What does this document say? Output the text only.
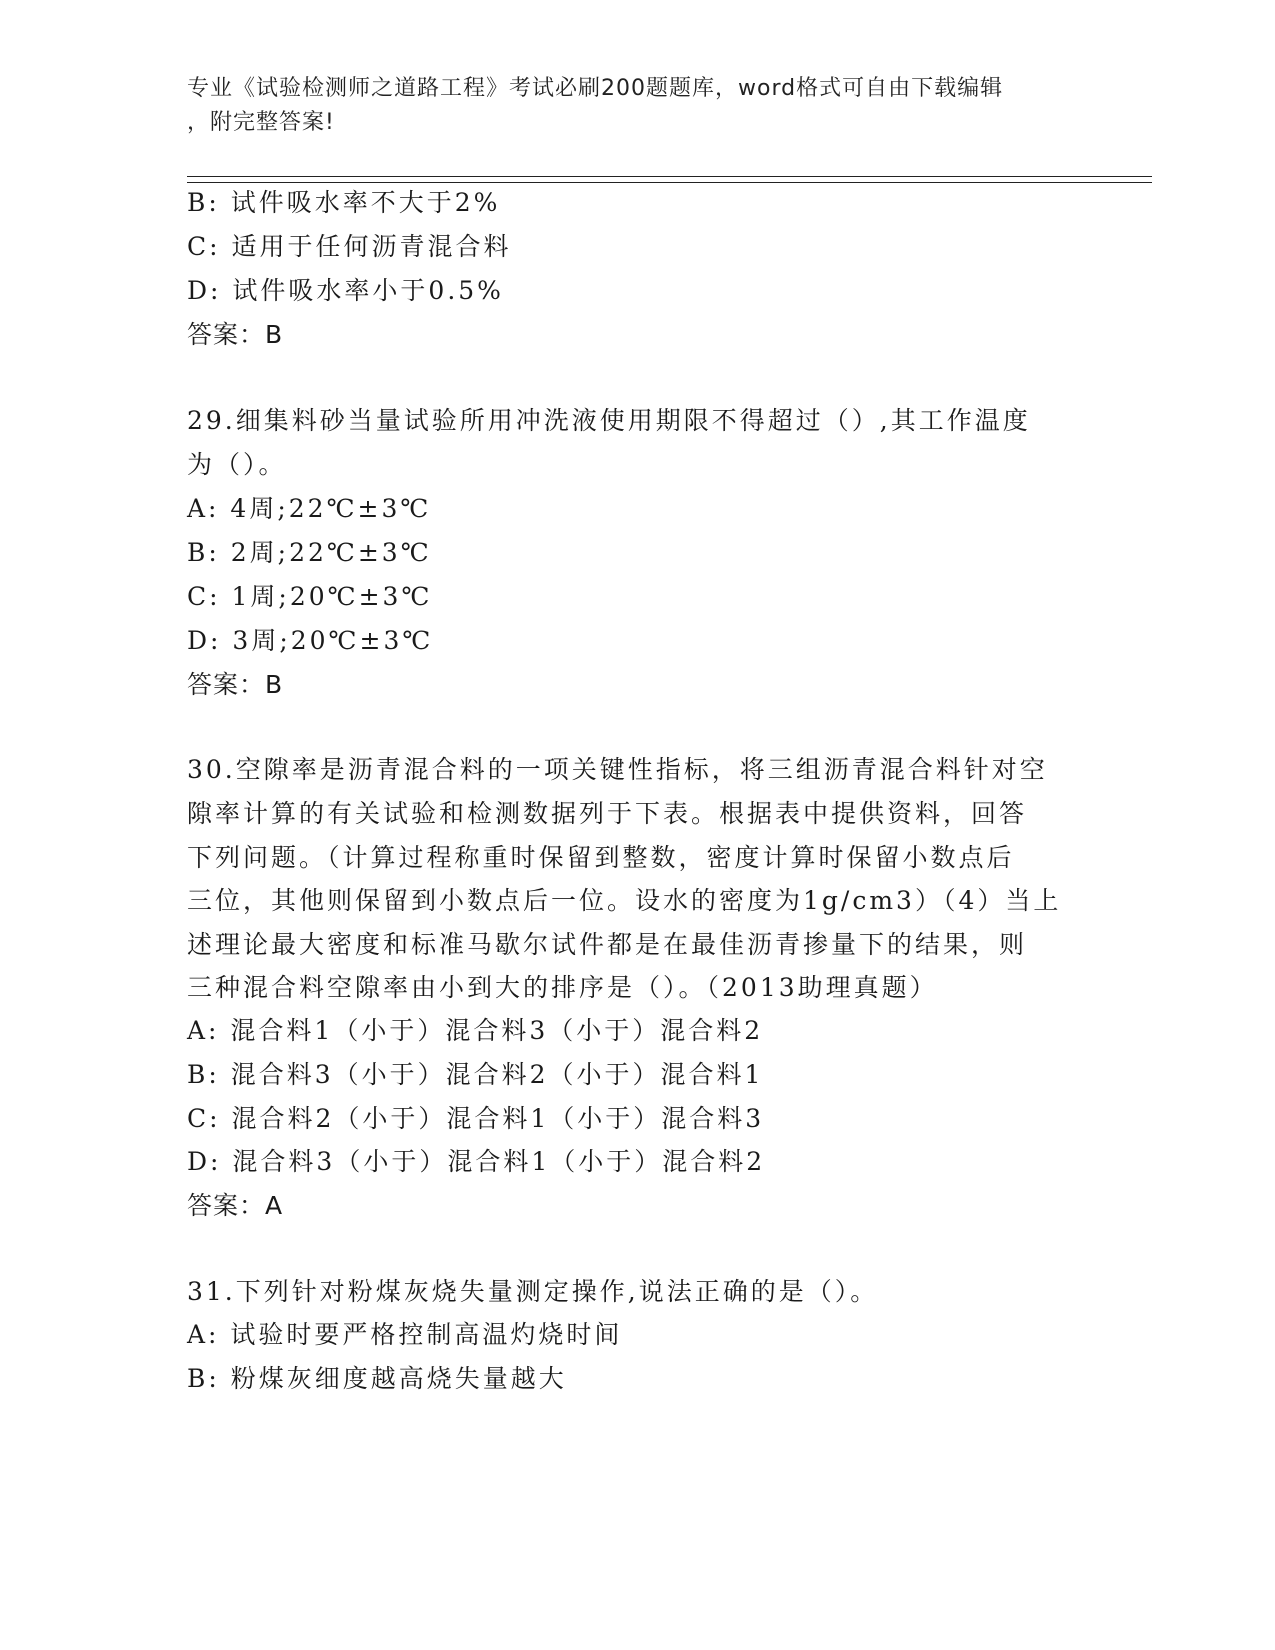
专业《试验检测师之道路工程》考试必刷200题题库，word格式可自由下载编辑
，附完整答案!
B: 试件吸水率不大于2%
C: 适用于任何沥青混合料
D: 试件吸水率小于0.5%
答案：B
29.细集料砂当量试验所用冲洗液使用期限不得超过（）,其工作温度
为（）。
A: 4周;22℃±3℃
B: 2周;22℃±3℃
C: 1周;20℃±3℃
D: 3周;20℃±3℃
答案：B
30.空隙率是沥青混合料的一项关键性指标，将三组沥青混合料针对空
隙率计算的有关试验和检测数据列于下表。根据表中提供资料，回答
下列问题。（计算过程称重时保留到整数，密度计算时保留小数点后
三位，其他则保留到小数点后一位。设水的密度为1g/cm3）（4）当上
述理论最大密度和标准马歇尔试件都是在最佳沥青掺量下的结果，则
三种混合料空隙率由小到大的排序是（）。（2013助理真题）
A: 混合料1（小于）混合料3（小于）混合料2
B: 混合料3（小于）混合料2（小于）混合料1
C: 混合料2（小于）混合料1（小于）混合料3
D: 混合料3（小于）混合料1（小于）混合料2
答案：A
31.下列针对粉煤灰烧失量测定操作,说法正确的是（）。
A: 试验时要严格控制高温灼烧时间
B: 粉煤灰细度越高烧失量越大
